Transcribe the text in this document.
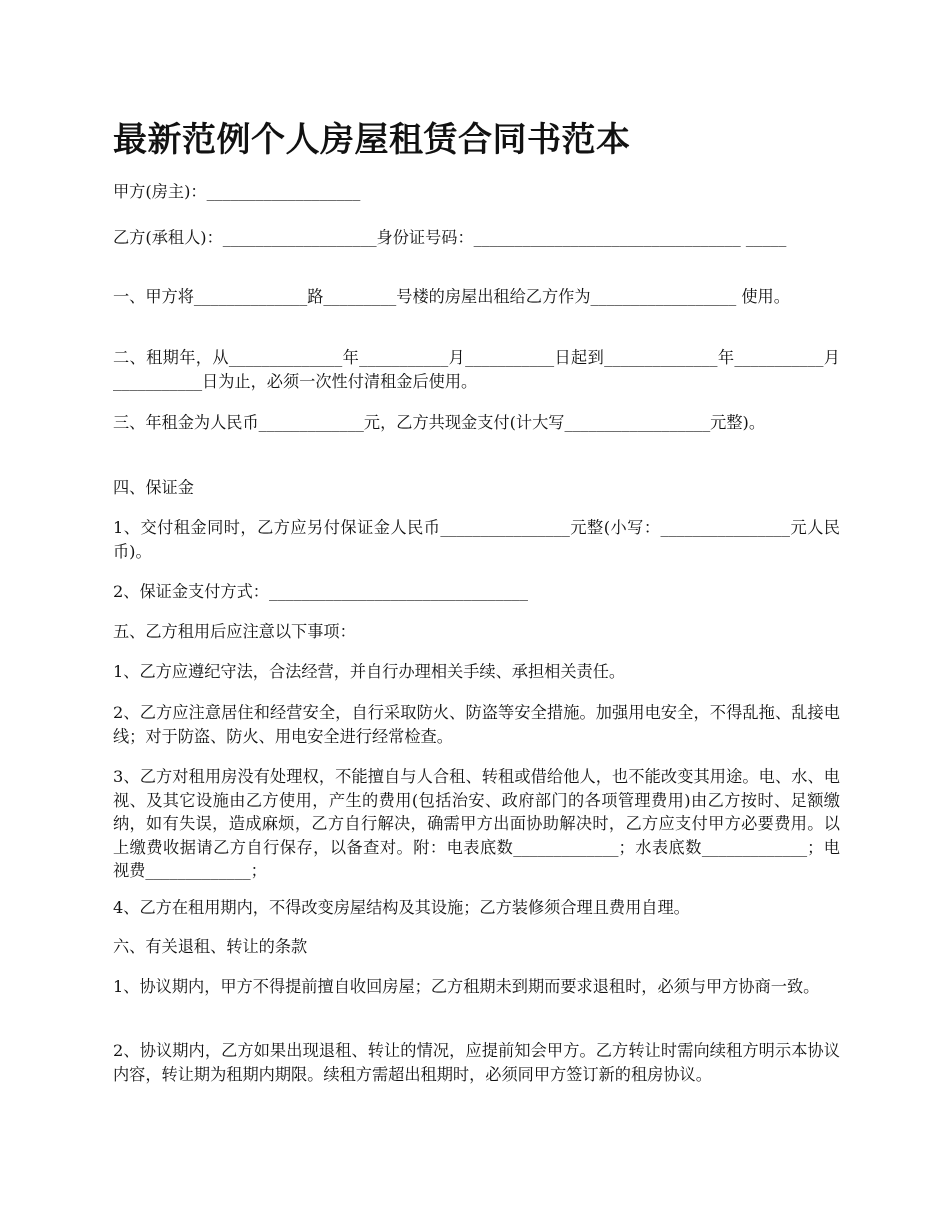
最新范例个人房屋租赁合同书范本

甲方(房主)：___________________

乙方(承租人)：___________________身份证号码：_________________________________ _____

一、甲方将______________路_________号楼的房屋出租给乙方作为__________________ 使用。

二、租期年，从______________年___________月___________日起到______________年___________月___________日为止，必须一次性付清租金后使用。

三、年租金为人民币_____________元，乙方共现金支付(计大写__________________元整)。

四、保证金

1、交付租金同时，乙方应另付保证金人民币________________元整(小写：________________元人民币)。

2、保证金支付方式：________________________________

五、乙方租用后应注意以下事项：

1、乙方应遵纪守法，合法经营，并自行办理相关手续、承担相关责任。

2、乙方应注意居住和经营安全，自行采取防火、防盗等安全措施。加强用电安全，不得乱拖、乱接电线；对于防盗、防火、用电安全进行经常检查。

3、乙方对租用房没有处理权，不能擅自与人合租、转租或借给他人，也不能改变其用途。电、水、电视、及其它设施由乙方使用，产生的费用(包括治安、政府部门的各项管理费用)由乙方按时、足额缴纳，如有失误，造成麻烦，乙方自行解决，确需甲方出面协助解决时，乙方应支付甲方必要费用。以上缴费收据请乙方自行保存，以备查对。附：电表底数_____________；水表底数_____________；电视费_____________；

4、乙方在租用期内，不得改变房屋结构及其设施；乙方装修须合理且费用自理。

六、有关退租、转让的条款

1、协议期内，甲方不得提前擅自收回房屋；乙方租期未到期而要求退租时，必须与甲方协商一致。

2、协议期内，乙方如果出现退租、转让的情况，应提前知会甲方。乙方转让时需向续租方明示本协议内容，转让期为租期内期限。续租方需超出租期时，必须同甲方签订新的租房协议。
